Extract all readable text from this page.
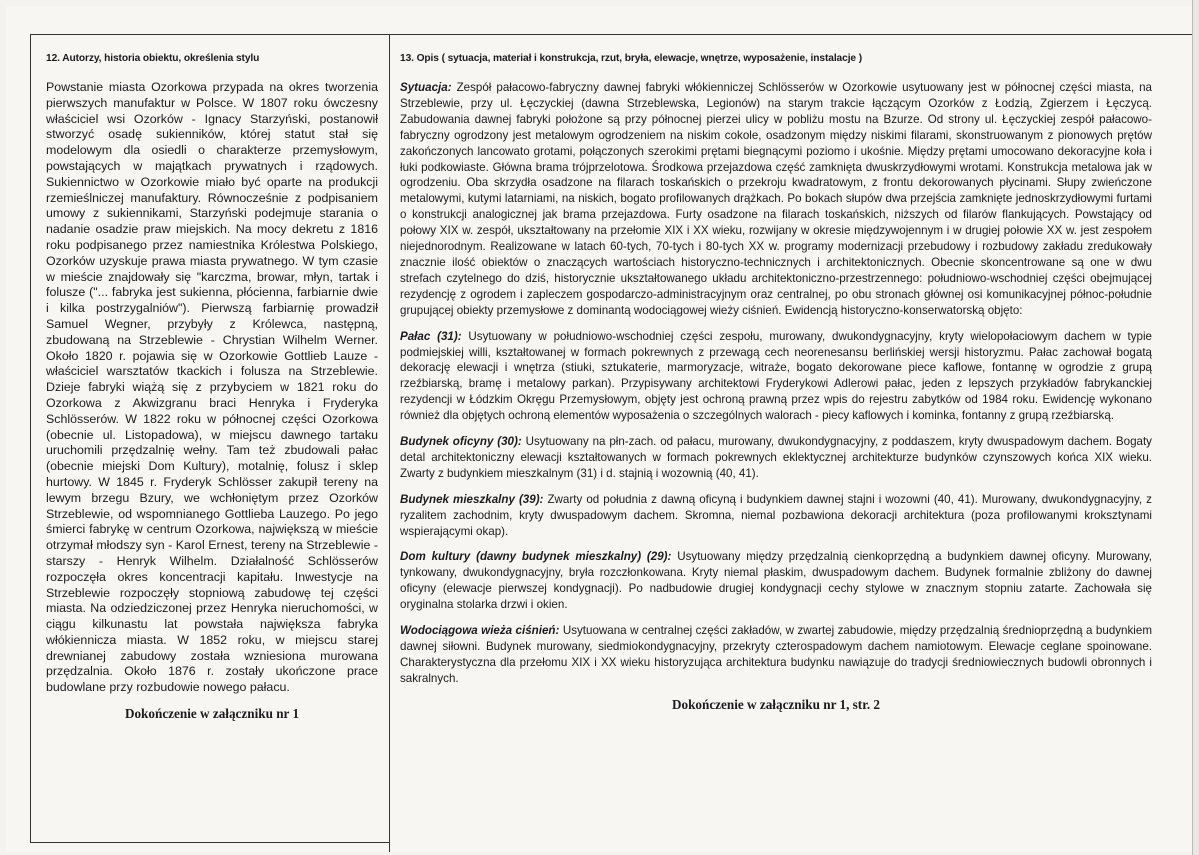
12. Autorzy, historia obiektu, określenia stylu

Powstanie miasta Ozorkowa przypada na okres tworzenia pierwszych manufaktur w Polsce. W 1807 roku ówczesny właściciel wsi Ozorków - Ignacy Starzyński, postanowił stworzyć osadę sukienników, której statut stał się modelowym dla osiedli o charakterze przemysłowym, powstających w majątkach prywatnych i rządowych. Sukiennictwo w Ozorkowie miało być oparte na produkcji rzemieślniczej manufaktury. Równocześnie z podpisaniem umowy z sukiennikami, Starzyński podejmuje starania o nadanie osadzie praw miejskich. Na mocy dekretu z 1816 roku podpisanego przez namiestnika Królestwa Polskiego, Ozorków uzyskuje prawa miasta prywatnego. W tym czasie w mieście znajdowały się "karczma, browar, młyn, tartak i folusze ("... fabryka jest sukienna, płócienna, farbiarnie dwie i kilka postrzygalniów"). Pierwszą farbiarnię prowadził Samuel Wegner, przybyły z Królewca, następną, zbudowaną na Strzeblewie - Chrystian Wilhelm Werner. Około 1820 r. pojawia się w Ozorkowie Gottlieb Lauze - właściciel warsztatów tkackich i folusza na Strzeblewie. Dzieje fabryki wiążą się z przybyciem w 1821 roku do Ozorkowa z Akwizgranu braci Henryka i Fryderyka Schlösserów. W 1822 roku w północnej części Ozorkowa (obecnie ul. Listopadowa), w miejscu dawnego tartaku uruchomili przędzalnię wełny. Tam też zbudowali pałac (obecnie miejski Dom Kultury), motalnię, folusz i sklep hurtowy. W 1845 r. Fryderyk Schlösser zakupił tereny na lewym brzegu Bzury, we wchłoniętym przez Ozorków Strzeblewie, od wspomnianego Gottlieba Lauzego. Po jego śmierci fabrykę w centrum Ozorkowa, największą w mieście otrzymał młodszy syn - Karol Ernest, tereny na Strzeblewie - starszy - Henryk Wilhelm. Działalność Schlösserów rozpoczęła okres koncentracji kapitału. Inwestycje na Strzeblewie rozpoczęły stopniową zabudowę tej części miasta. Na odziedziczonej przez Henryka nieruchomości, w ciągu kilkunastu lat powstała największa fabryka włókiennicza miasta. W 1852 roku, w miejscu starej drewnianej zabudowy została wzniesiona murowana przędzalnia. Około 1876 r. zostały ukończone prace budowlane przy rozbudowie nowego pałacu.

Dokończenie w załączniku nr 1
13. Opis ( sytuacja, materiał i konstrukcja, rzut, bryła, elewacje, wnętrze, wyposażenie, instalacje )

Sytuacja: Zespół pałacowo-fabryczny dawnej fabryki włókienniczej Schlösserów w Ozorkowie usytuowany jest w północnej części miasta, na Strzeblewie, przy ul. Łęczyckiej (dawna Strzeblewska, Legionów) na starym trakcie łączącym Ozorków z Łodzią, Zgierzem i Łęczycą. Zabudowania dawnej fabryki położone są przy północnej pierzei ulicy w pobliżu mostu na Bzurze. Od strony ul. Łęczyckiej zespół pałacowo-fabryczny ogrodzony jest metalowym ogrodzeniem na niskim cokole, osadzonym między niskimi filarami, skonstruowanym z pionowych prętów zakończonych lancowato grotami, połączonych szerokimi prętami biegnącymi poziomo i ukośnie. Między prętami umocowano dekoracyjne koła i łuki podkowiaste. Główna brama trójprzelotowa. Środkowa przejazdowa część zamknięta dwuskrzydłowymi wrotami. Konstrukcja metalowa jak w ogrodzeniu. Oba skrzydła osadzone na filarach toskańskich o przekroju kwadratowym, z frontu dekorowanych płycinami. Słupy zwieńczone metalowymi, kutymi latarniami, na niskich, bogato profilowanych drążkach. Po bokach słupów dwa przejścia zamknięte jednoskrzydłowymi furtami o konstrukcji analogicznej jak brama przejazdowa. Furty osadzone na filarach toskańskich, niższych od filarów flankujących. Powstający od połowy XIX w. zespół, ukształtowany na przełomie XIX i XX wieku, rozwijany w okresie międzywojennym i w drugiej połowie XX w. jest zespołem niejednorodnym. Realizowane w latach 60-tych, 70-tych i 80-tych XX w. programy modernizacji przebudowy i rozbudowy zakładu zredukowały znacznie ilość obiektów o znaczących wartościach historyczno-technicznych i architektonicznych. Obecnie skoncentrowane są one w dwu strefach czytelnego do dziś, historycznie ukształtowanego układu architektoniczno-przestrzennego: południowo-wschodniej części obejmującej rezydencję z ogrodem i zapleczem gospodarczo-administracyjnym oraz centralnej, po obu stronach głównej osi komunikacyjnej północ-południe grupującej obiekty przemysłowe z dominantą wodociągowej wieży ciśnień. Ewidencją historyczno-konserwatorską objęto:

Pałac (31): Usytuowany w południowo-wschodniej części zespołu, murowany, dwukondygnacyjny, kryty wielopołaciowym dachem w typie podmiejskiej willi, kształtowanej w formach pokrewnych z przewagą cech neorenesansu berlińskiej wersji historyzmu. Pałac zachował bogatą dekorację elewacji i wnętrza (stiuki, sztukaterie, marmoryzacje, witraże, bogato dekorowane piece kaflowe, fontannę w ogrodzie z grupą rzeźbiarską, bramę i metalowy parkan). Przypisywany architektowi Fryderykowi Adlerowi pałac, jeden z lepszych przykładów fabrykanckiej rezydencji w Łódzkim Okręgu Przemysłowym, objęty jest ochroną prawną przez wpis do rejestru zabytków od 1984 roku. Ewidencję wykonano również dla objętych ochroną elementów wyposażenia o szczególnych walorach - piecy kaflowych i kominka, fontanny z grupą rzeźbiarską.

Budynek oficyny (30): Usytuowany na płn-zach. od pałacu, murowany, dwukondygnacyjny, z poddaszem, kryty dwuspadowym dachem. Bogaty detal architektoniczny elewacji kształtowanych w formach pokrewnych eklektycznej architekturze budynków czynszowych końca XIX wieku. Zwarty z budynkiem mieszkalnym (31) i d. stajnią i wozownią (40, 41).

Budynek mieszkalny (39): Zwarty od południa z dawną oficyną i budynkiem dawnej stajni i wozowni (40, 41). Murowany, dwukondygnacyjny, z ryzalitem zachodnim, kryty dwuspadowym dachem. Skromna, niemal pozbawiona dekoracji architektura (poza profilowanymi kroksztynami wspierającymi okap).

Dom kultury (dawny budynek mieszkalny) (29): Usytuowany między przędzalnią cienkoprzędną a budynkiem dawnej oficyny. Murowany, tynkowany, dwukondygnacyjny, bryła rozczłonkowana. Kryty niemal płaskim, dwuspadowym dachem. Budynek formalnie zbliżony do dawnej oficyny (elewacje pierwszej kondygnacji). Po nadbudowie drugiej kondygnacji cechy stylowe w znacznym stopniu zatarte. Zachowała się oryginalna stolarka drzwi i okien.

Wodociągowa wieża ciśnień: Usytuowana w centralnej części zakładów, w zwartej zabudowie, między przędzalnią średnioprzędną a budynkiem dawnej siłowni. Budynek murowany, siedmiokondygnacyjny, przekryty czterospadowym dachem namiotowym. Elewacje ceglane spoinowane. Charakterystyczna dla przełomu XIX i XX wieku historyzująca architektura budynku nawiązuje do tradycji średniowiecznych budowli obronnych i sakralnych.

Dokończenie w załączniku nr 1, str. 2
